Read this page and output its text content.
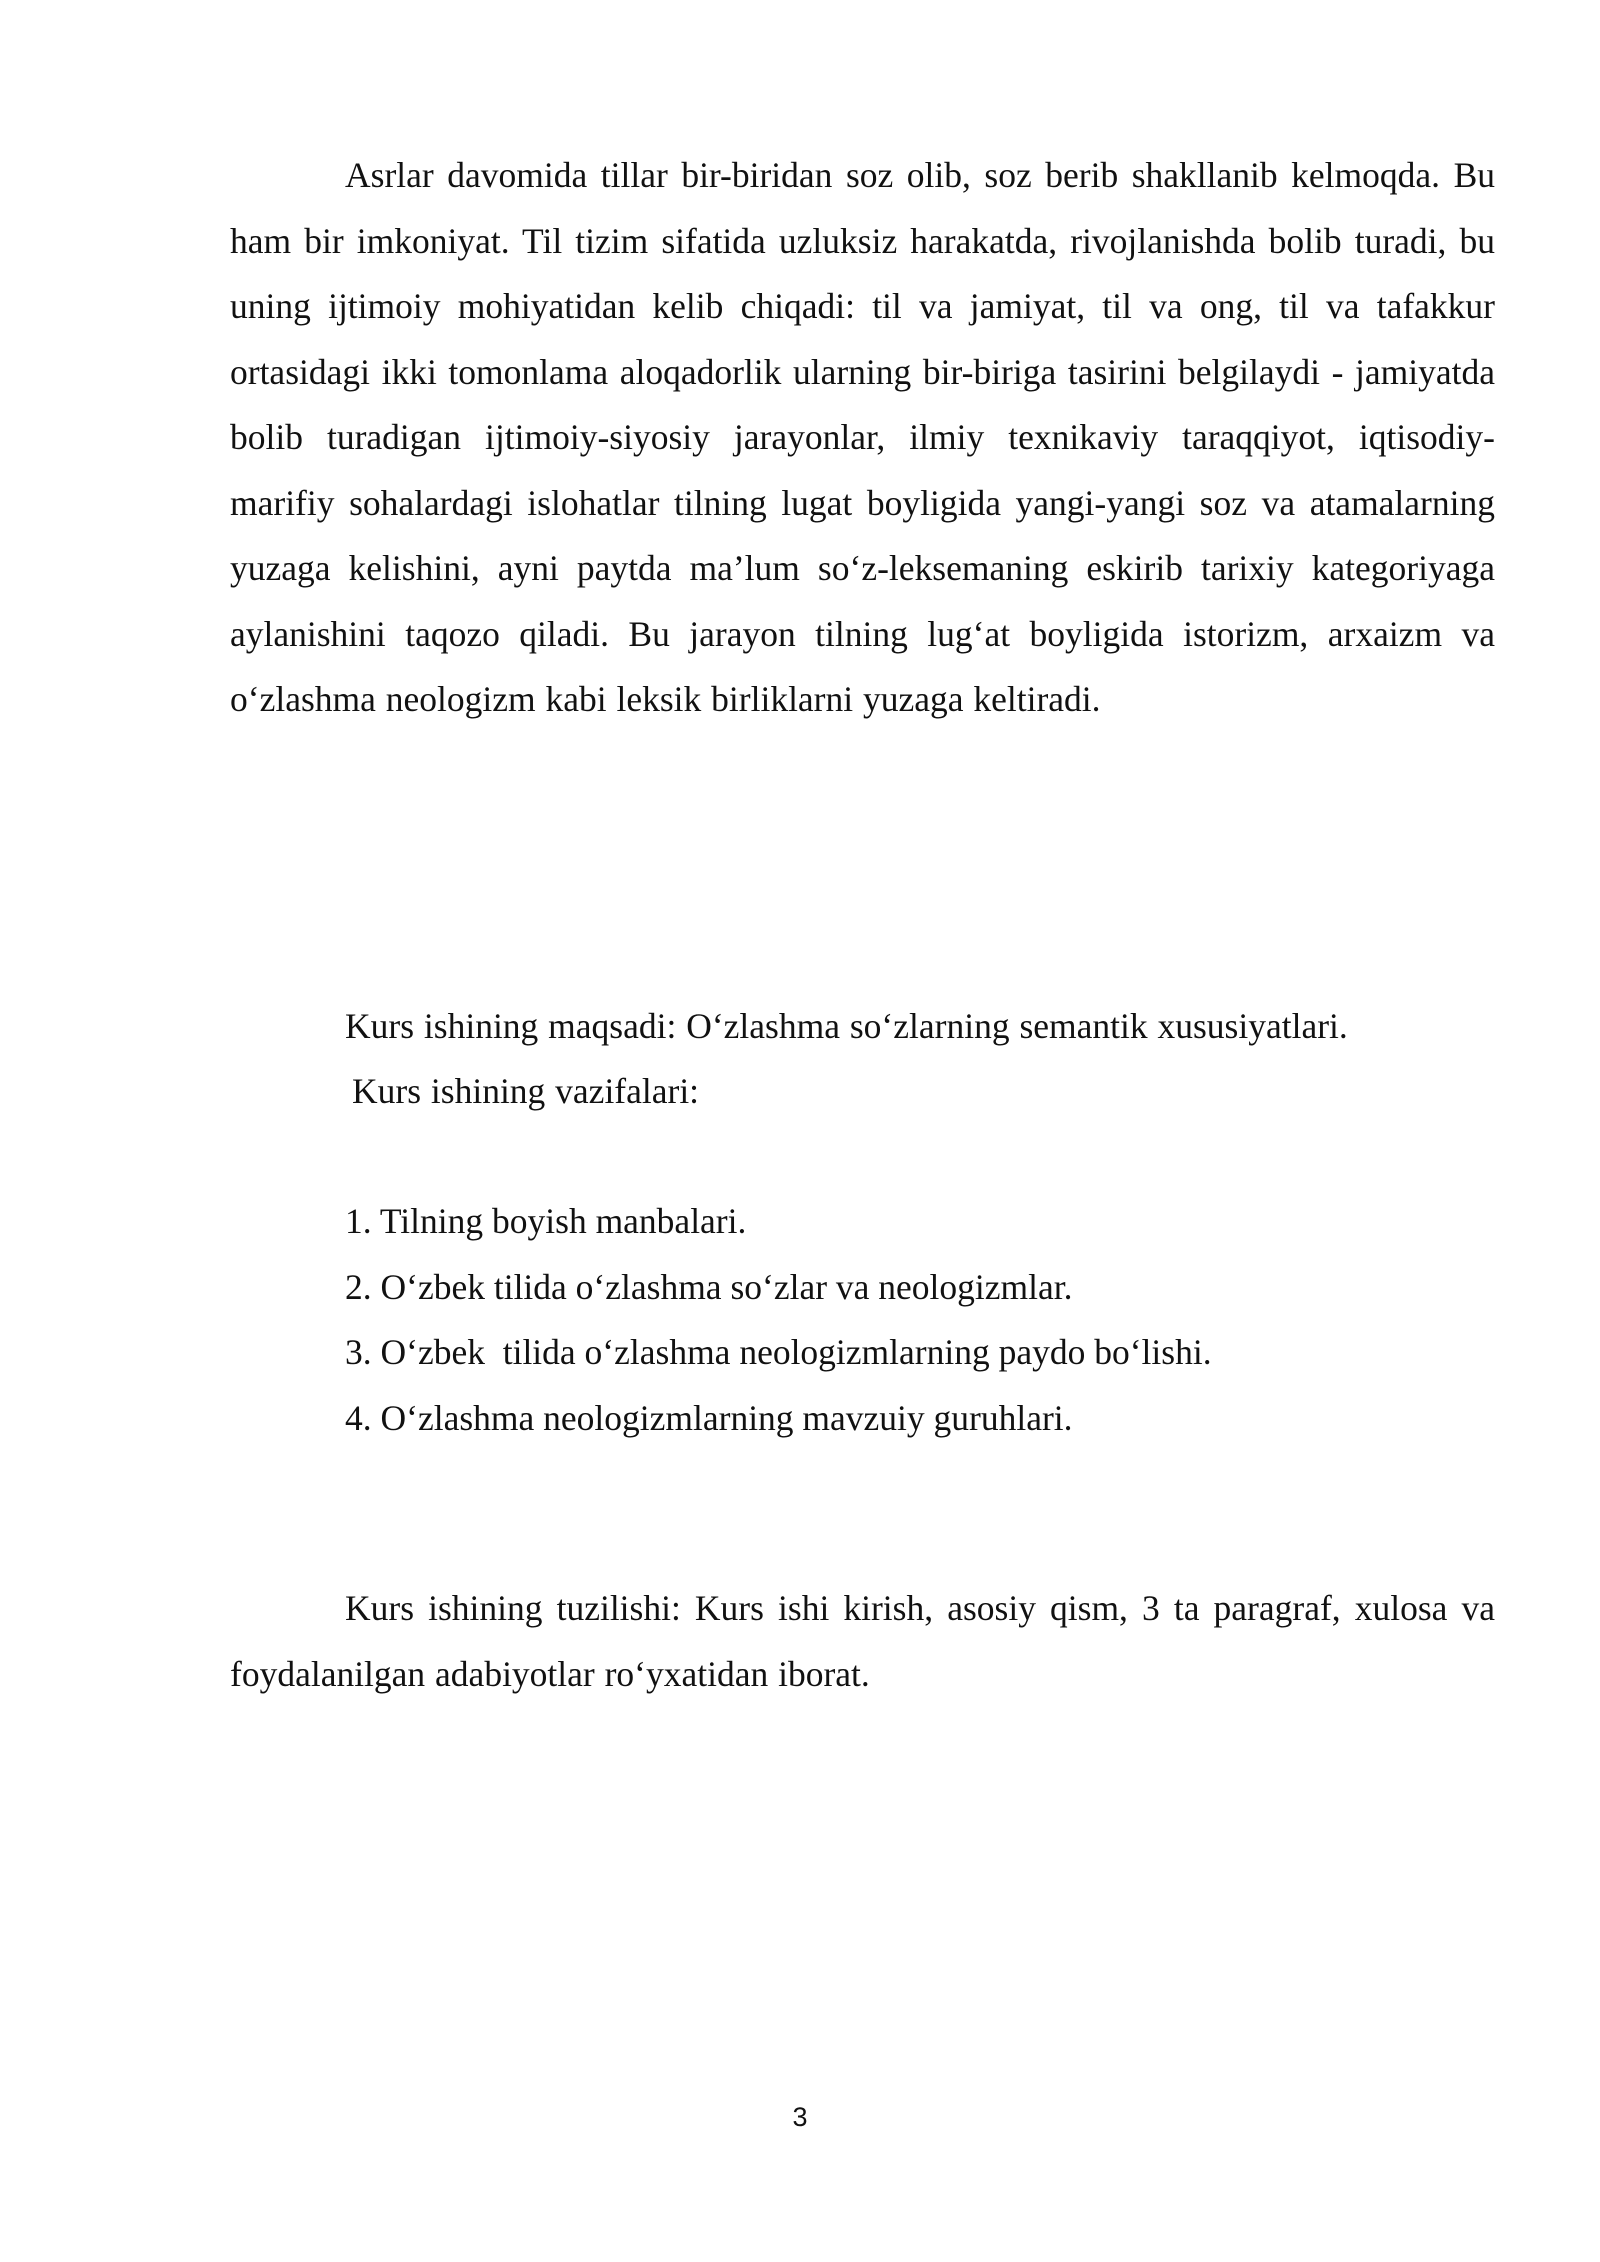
Asrlar davomida tillar bir-biridan soz olib, soz berib shakllanib kelmoqda. Bu ham bir imkoniyat. Til tizim sifatida uzluksiz harakatda, rivojlanishda bolib turadi, bu uning ijtimoiy mohiyatidan kelib chiqadi: til va jamiyat, til va ong, til va tafakkur ortasidagi ikki tomonlama aloqadorlik ularning bir-biriga tasirini belgilaydi - jamiyatda bolib turadigan ijtimoiy-siyosiy jarayonlar, ilmiy texnikaviy taraqqiyot, iqtisodiy-marifiy sohalardagi islohatlar tilning lugat boyligida yangi-yangi soz va atamalarning yuzaga kelishini, ayni paytda ma’lum so‘z-leksemaning eskirib tarixiy kategoriyaga aylanishini taqozo qiladi. Bu jarayon tilning lug‘at boyligida istorizm, arxaizm va o‘zlashma neologizm kabi leksik birliklarni yuzaga keltiradi.

Kurs ishining maqsadi: O‘zlashma so‘zlarning semantik xususiyatlari.

Kurs ishining vazifalari:

1. Tilning boyish manbalari.
2. O‘zbek tilida o‘zlashma so‘zlar va neologizmlar.
3. O‘zbek  tilida o‘zlashma neologizmlarning paydo bo‘lishi.
4. O‘zlashma neologizmlarning mavzuiy guruhlari.

Kurs ishining tuzilishi: Kurs ishi kirish, asosiy qism, 3 ta paragraf, xulosa va foydalanilgan adabiyotlar ro‘yxatidan iborat.

3
